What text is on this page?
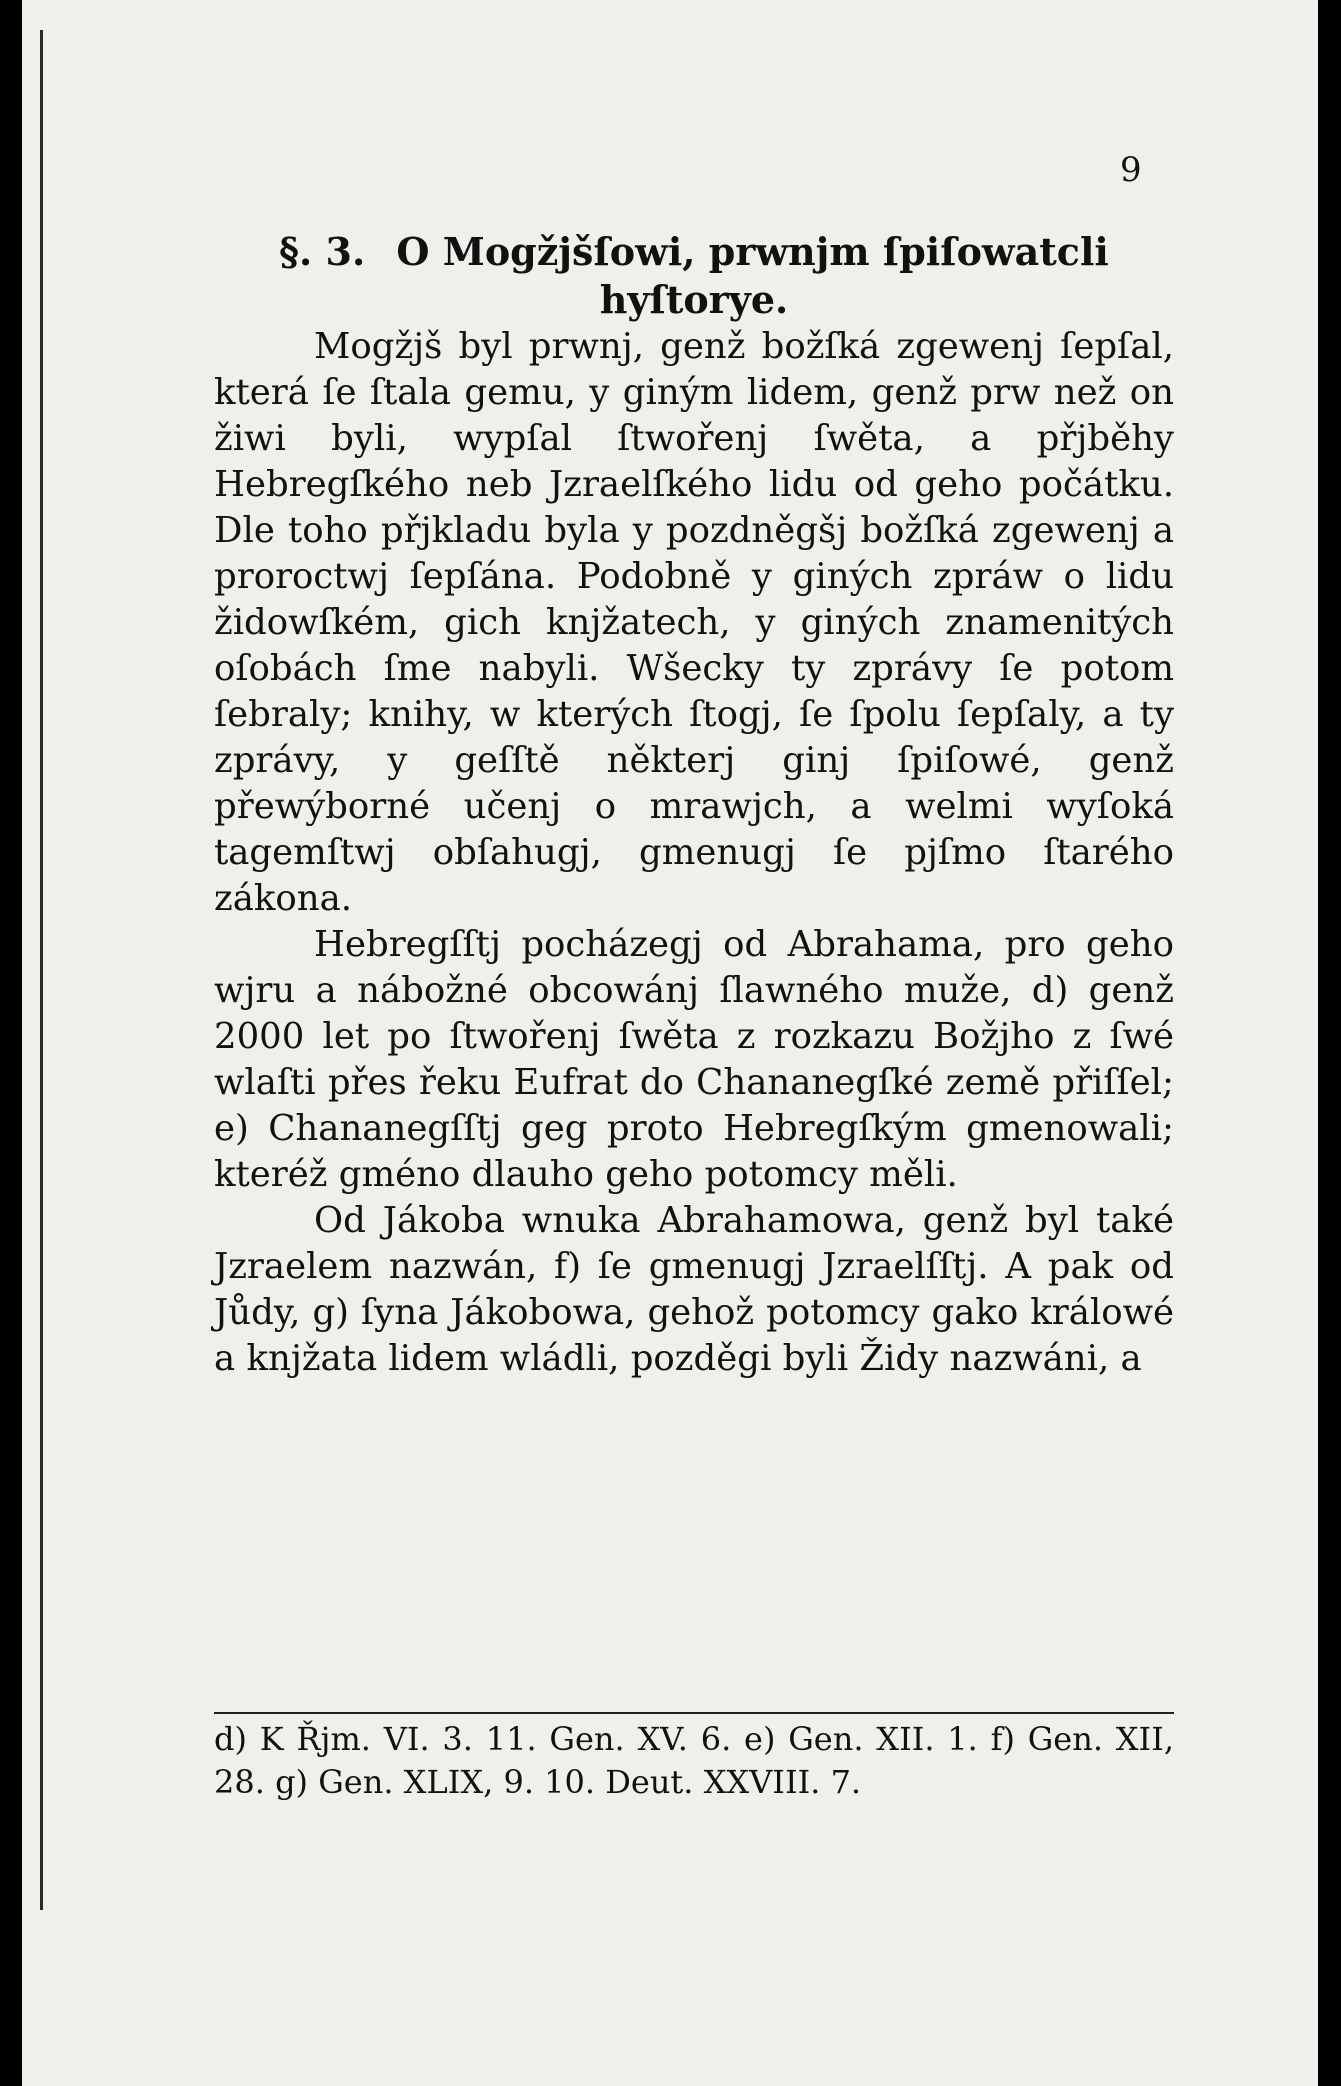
9

§. 3. O Mogžjšſowi, prwnjm ſpiſowatcli hyſtorye.

Mogžjš byl prwnj, genž božſká zgewenj ſepſal, která ſe ſtala gemu, y giným lidem, genž prw než on žiwi byli, wypſal ſtwořenj ſwěta, a přjběhy Hebregſkého neb Jzraelſkého lidu od geho počátku. Dle toho přjkladu byla y pozdněgšj božſká zgewenj a proroctwj ſepſána. Podobně y giných zpráw o lidu židowſkém, gich knjžatech, y giných znamenitých oſobách ſme nabyli. Wšecky ty zprávy ſe potom ſebraly; knihy, w kterých ſtogj, ſe ſpolu ſepſaly, a ty zprávy, y geſſtě některj ginj ſpiſowé, genž přewýborné učenj o mrawjch, a welmi wyſoká tagemſtwj obſahugj, gmenugj ſe pjſmo ſtarého zákona.

Hebregſſtj pocházegj od Abrahama, pro geho wjru a nábožné obcowánj ſlawného muže, d) genž 2000 let po ſtwořenj ſwěta z rozkazu Božjho z ſwé wlaſti přes řeku Eufrat do Chananegſké země přiſſel; e) Chananegſſtj geg proto Hebregſkým gmenowali; kteréž gméno dlauho geho potomcy měli.

Od Jákoba wnuka Abrahamowa, genž byl také Jzraelem nazwán, f) ſe gmenugj Jzraelſſtj. A pak od Jůdy, g) ſyna Jákobowa, gehož potomcy gako králowé a knjžata lidem wládli, pozděgi byli Židy nazwáni, a

d) K Řjm. VI. 3. 11. Gen. XV. 6. e) Gen. XII. 1. f) Gen. XII, 28. g) Gen. XLIX, 9. 10. Deut. XXVIII. 7.
